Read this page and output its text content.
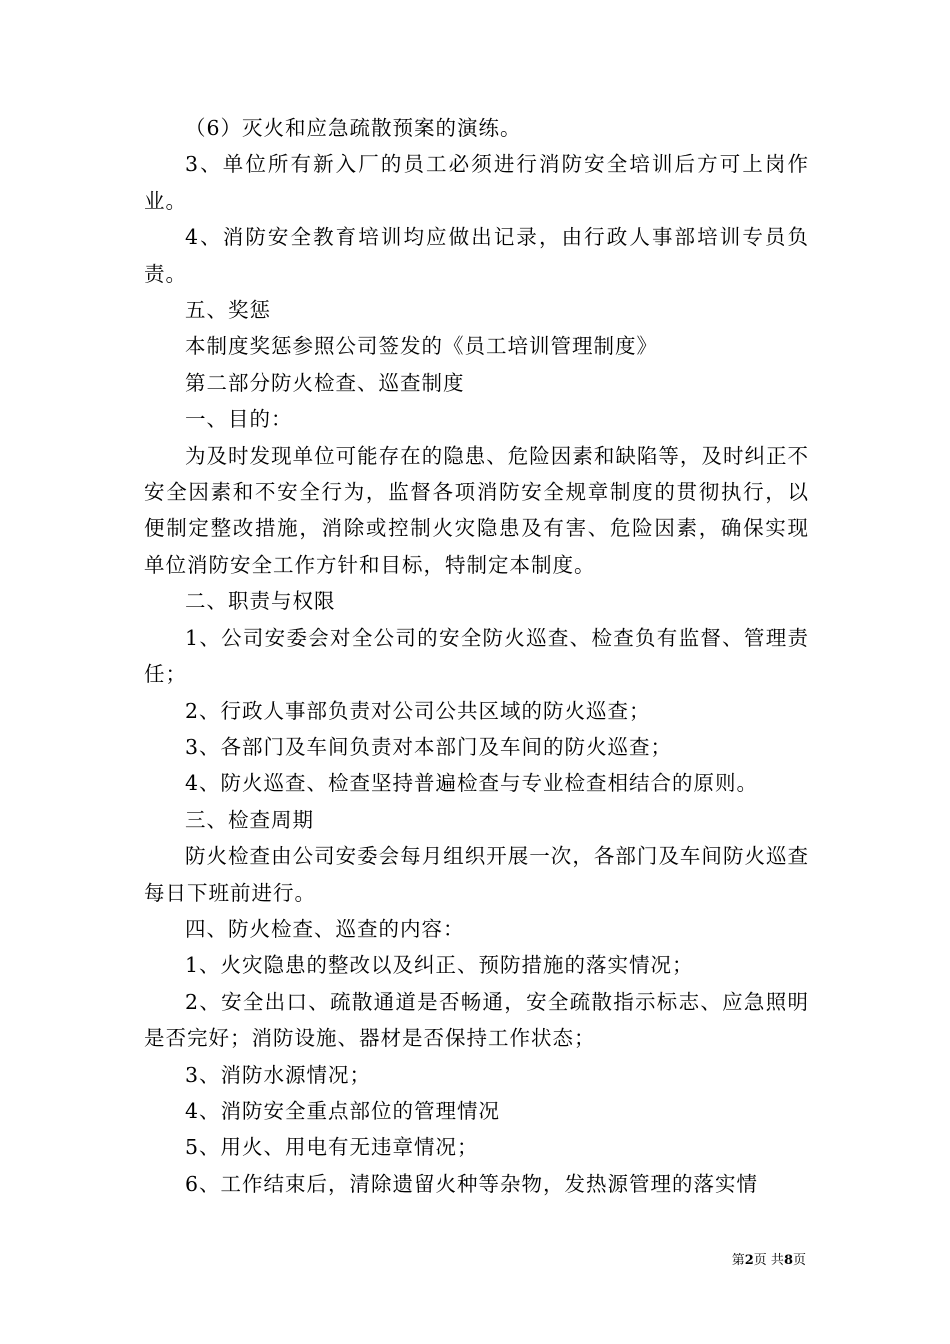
（6）灭火和应急疏散预案的演练。

3、单位所有新入厂的员工必须进行消防安全培训后方可上岗作业。

4、消防安全教育培训均应做出记录，由行政人事部培训专员负责。

五、奖惩

本制度奖惩参照公司签发的《员工培训管理制度》

第二部分防火检查、巡查制度

一、目的：

为及时发现单位可能存在的隐患、危险因素和缺陷等，及时纠正不安全因素和不安全行为，监督各项消防安全规章制度的贯彻执行，以便制定整改措施，消除或控制火灾隐患及有害、危险因素，确保实现单位消防安全工作方针和目标，特制定本制度。

二、职责与权限

1、公司安委会对全公司的安全防火巡查、检查负有监督、管理责任；

2、行政人事部负责对公司公共区域的防火巡查；

3、各部门及车间负责对本部门及车间的防火巡查；

4、防火巡查、检查坚持普遍检查与专业检查相结合的原则。

三、检查周期

防火检查由公司安委会每月组织开展一次，各部门及车间防火巡查每日下班前进行。

四、防火检查、巡查的内容：

1、火灾隐患的整改以及纠正、预防措施的落实情况；

2、安全出口、疏散通道是否畅通，安全疏散指示标志、应急照明是否完好；消防设施、器材是否保持工作状态；

3、消防水源情况；

4、消防安全重点部位的管理情况

5、用火、用电有无违章情况；

6、工作结束后，清除遗留火种等杂物，发热源管理的落实情

第2页 共8页
